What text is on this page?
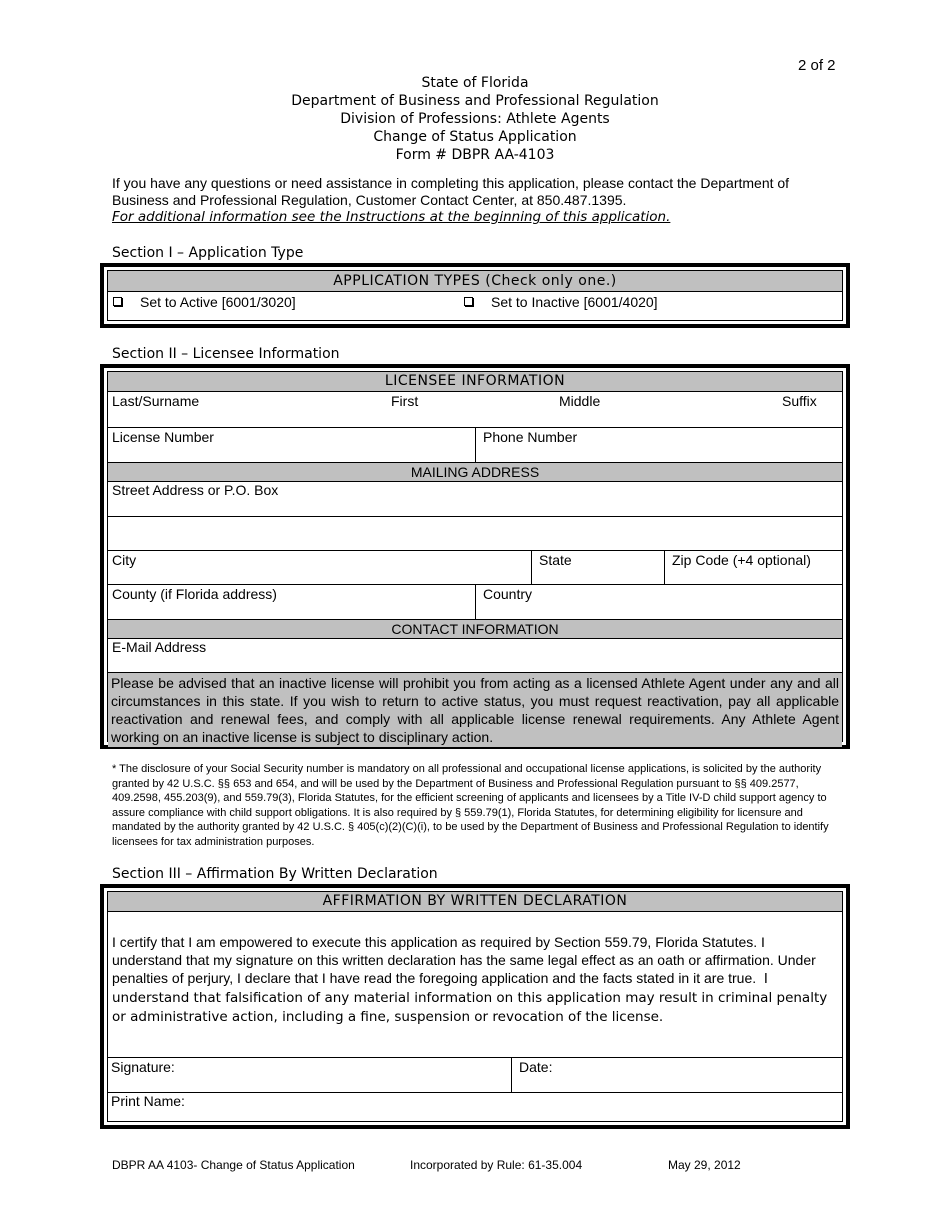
2 of 2
State of Florida
Department of Business and Professional Regulation
Division of Professions: Athlete Agents
Change of Status Application
Form # DBPR AA-4103
If you have any questions or need assistance in completing this application, please contact the Department of Business and Professional Regulation, Customer Contact Center, at 850.487.1395.
For additional information see the Instructions at the beginning of this application.
Section I – Application Type
APPLICATION TYPES (Check only one.)
Set to Active [6001/3020]	Set to Inactive [6001/4020]
Section II – Licensee Information
LICENSEE INFORMATION
Last/Surname	First	Middle	Suffix
License Number	Phone Number
MAILING ADDRESS
Street Address or P.O. Box
City	State	Zip Code (+4 optional)
County (if Florida address)	Country
CONTACT INFORMATION
E-Mail Address
Please be advised that an inactive license will prohibit you from acting as a licensed Athlete Agent under any and all circumstances in this state. If you wish to return to active status, you must request reactivation, pay all applicable reactivation and renewal fees, and comply with all applicable license renewal requirements. Any Athlete Agent working on an inactive license is subject to disciplinary action.
* The disclosure of your Social Security number is mandatory on all professional and occupational license applications, is solicited by the authority granted by 42 U.S.C. §§ 653 and 654, and will be used by the Department of Business and Professional Regulation pursuant to §§ 409.2577, 409.2598, 455.203(9), and 559.79(3), Florida Statutes, for the efficient screening of applicants and licensees by a Title IV-D child support agency to assure compliance with child support obligations. It is also required by § 559.79(1), Florida Statutes, for determining eligibility for licensure and mandated by the authority granted by 42 U.S.C. § 405(c)(2)(C)(i), to be used by the Department of Business and Professional Regulation to identify licensees for tax administration purposes.
Section III – Affirmation By Written Declaration
AFFIRMATION BY WRITTEN DECLARATION
I certify that I am empowered to execute this application as required by Section 559.79, Florida Statutes. I understand that my signature on this written declaration has the same legal effect as an oath or affirmation. Under penalties of perjury, I declare that I have read the foregoing application and the facts stated in it are true. I understand that falsification of any material information on this application may result in criminal penalty or administrative action, including a fine, suspension or revocation of the license.
Signature:	Date:
Print Name:
DBPR AA 4103- Change of Status Application	Incorporated by Rule: 61-35.004	May 29, 2012
